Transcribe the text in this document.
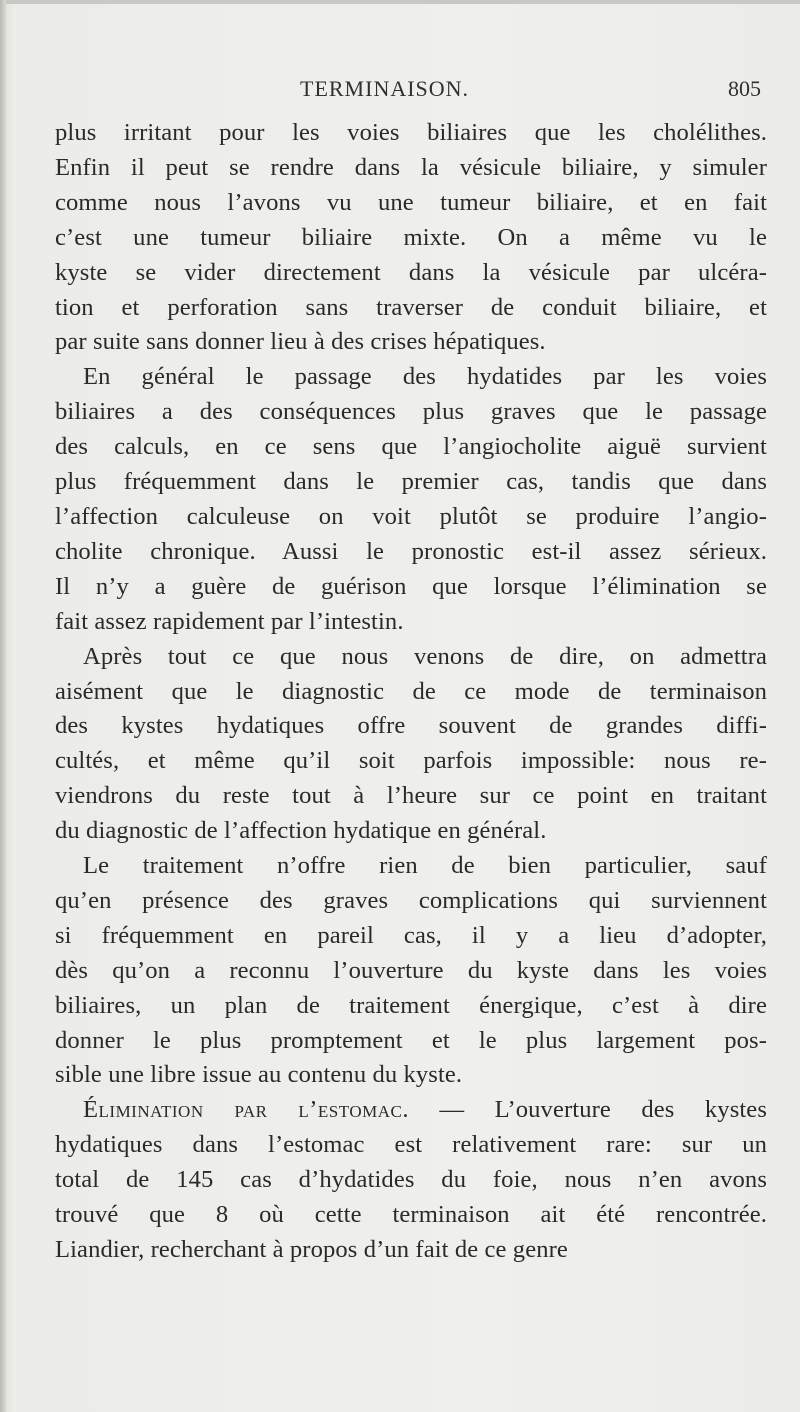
TERMINAISON.	805
plus irritant pour les voies biliaires que les cholélithes.
Enfin il peut se rendre dans la vésicule biliaire, y simuler
comme nous l’avons vu une tumeur biliaire, et en fait
c’est une tumeur biliaire mixte. On a même vu le
kyste se vider directement dans la vésicule par ulcéra-
tion et perforation sans traverser de conduit biliaire, et
par suite sans donner lieu à des crises hépatiques.
En général le passage des hydatides par les voies
biliaires a des conséquences plus graves que le passage
des calculs, en ce sens que l’angiocholite aiguë survient
plus fréquemment dans le premier cas, tandis que dans
l’affection calculeuse on voit plutôt se produire l’angio-
cholite chronique. Aussi le pronostic est-il assez sérieux.
Il n’y a guère de guérison que lorsque l’élimination se
fait assez rapidement par l’intestin.
Après tout ce que nous venons de dire, on admettra
aisément que le diagnostic de ce mode de terminaison
des kystes hydatiques offre souvent de grandes diffi-
cultés, et même qu’il soit parfois impossible: nous re-
viendrons du reste tout à l’heure sur ce point en traitant
du diagnostic de l’affection hydatique en général.
Le traitement n’offre rien de bien particulier, sauf
qu’en présence des graves complications qui surviennent
si fréquemment en pareil cas, il y a lieu d’adopter,
dès qu’on a reconnu l’ouverture du kyste dans les voies
biliaires, un plan de traitement énergique, c’est à dire
donner le plus promptement et le plus largement pos-
sible une libre issue au contenu du kyste.
Élimination par l’estomac. — L’ouverture des kystes
hydatiques dans l’estomac est relativement rare: sur un
total de 145 cas d’hydatides du foie, nous n’en avons
trouvé que 8 où cette terminaison ait été rencontrée.
Liandier, recherchant à propos d’un fait de ce genre
